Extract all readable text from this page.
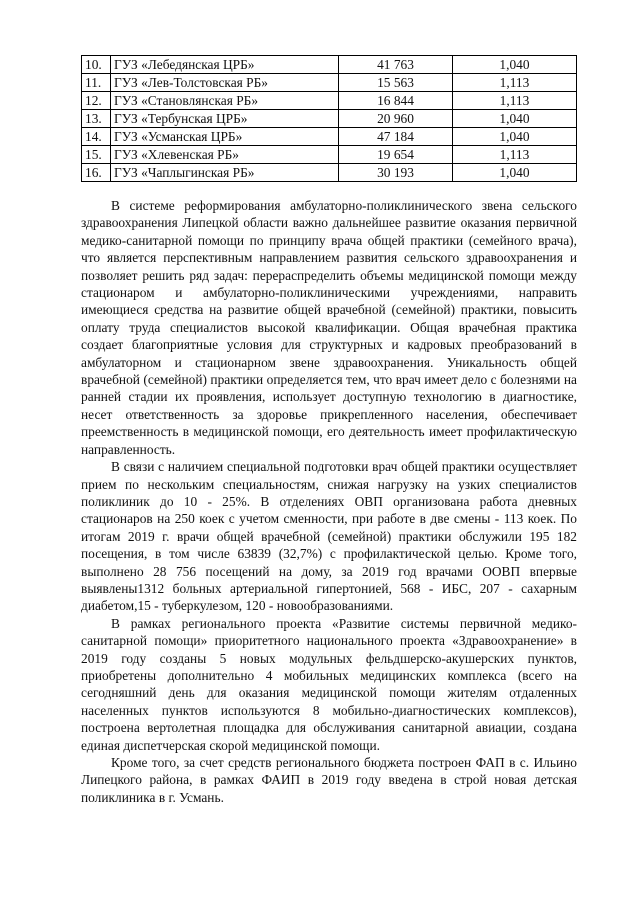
10.	ГУЗ «Лебедянская ЦРБ»	41 763	1,040
11.	ГУЗ «Лев-Толстовская РБ»	15 563	1,113
12.	ГУЗ «Становлянская РБ»	16 844	1,113
13.	ГУЗ «Тербунская ЦРБ»	20 960	1,040
14.	ГУЗ «Усманская ЦРБ»	47 184	1,040
15.	ГУЗ «Хлевенская РБ»	19 654	1,113
16.	ГУЗ «Чаплыгинская РБ»	30 193	1,040

В системе реформирования амбулаторно-поликлинического звена сельского здравоохранения Липецкой области важно дальнейшее развитие оказания первичной медико-санитарной помощи по принципу врача общей практики (семейного врача), что является перспективным направлением развития сельского здравоохранения и позволяет решить ряд задач: перераспределить объемы медицинской помощи между стационаром и амбулаторно-поликлиническими учреждениями, направить имеющиеся средства на развитие общей врачебной (семейной) практики, повысить оплату труда специалистов высокой квалификации. Общая врачебная практика создает благоприятные условия для структурных и кадровых преобразований в амбулаторном и стационарном звене здравоохранения. Уникальность общей врачебной (семейной) практики определяется тем, что врач имеет дело с болезнями на ранней стадии их проявления, использует доступную технологию в диагностике, несет ответственность за здоровье прикрепленного населения, обеспечивает преемственность в медицинской помощи, его деятельность имеет профилактическую направленность.

В связи с наличием специальной подготовки врач общей практики осуществляет прием по нескольким специальностям, снижая нагрузку на узких специалистов поликлиник до 10 - 25%. В отделениях ОВП организована работа дневных стационаров на 250 коек с учетом сменности, при работе в две смены - 113 коек. По итогам 2019 г. врачи общей врачебной (семейной) практики обслужили 195 182 посещения, в том числе 63839 (32,7%) с профилактической целью. Кроме того, выполнено 28 756 посещений на дому, за 2019 год врачами ООВП впервые выявлены1312 больных артериальной гипертонией, 568 - ИБС, 207 - сахарным диабетом,15 - туберкулезом, 120 - новообразованиями.

В рамках регионального проекта «Развитие системы первичной медико-санитарной помощи» приоритетного национального проекта «Здравоохранение» в 2019 году созданы 5 новых модульных фельдшерско-акушерских пунктов, приобретены дополнительно 4 мобильных медицинских комплекса (всего на сегодняшний день для оказания медицинской помощи жителям отдаленных населенных пунктов используются 8 мобильно-диагностических комплексов), построена вертолетная площадка для обслуживания санитарной авиации, создана единая диспетчерская скорой медицинской помощи.

Кроме того, за счет средств регионального бюджета построен ФАП в с. Ильино Липецкого района, в рамках ФАИП в 2019 году введена в строй новая детская поликлиника в г. Усмань.
